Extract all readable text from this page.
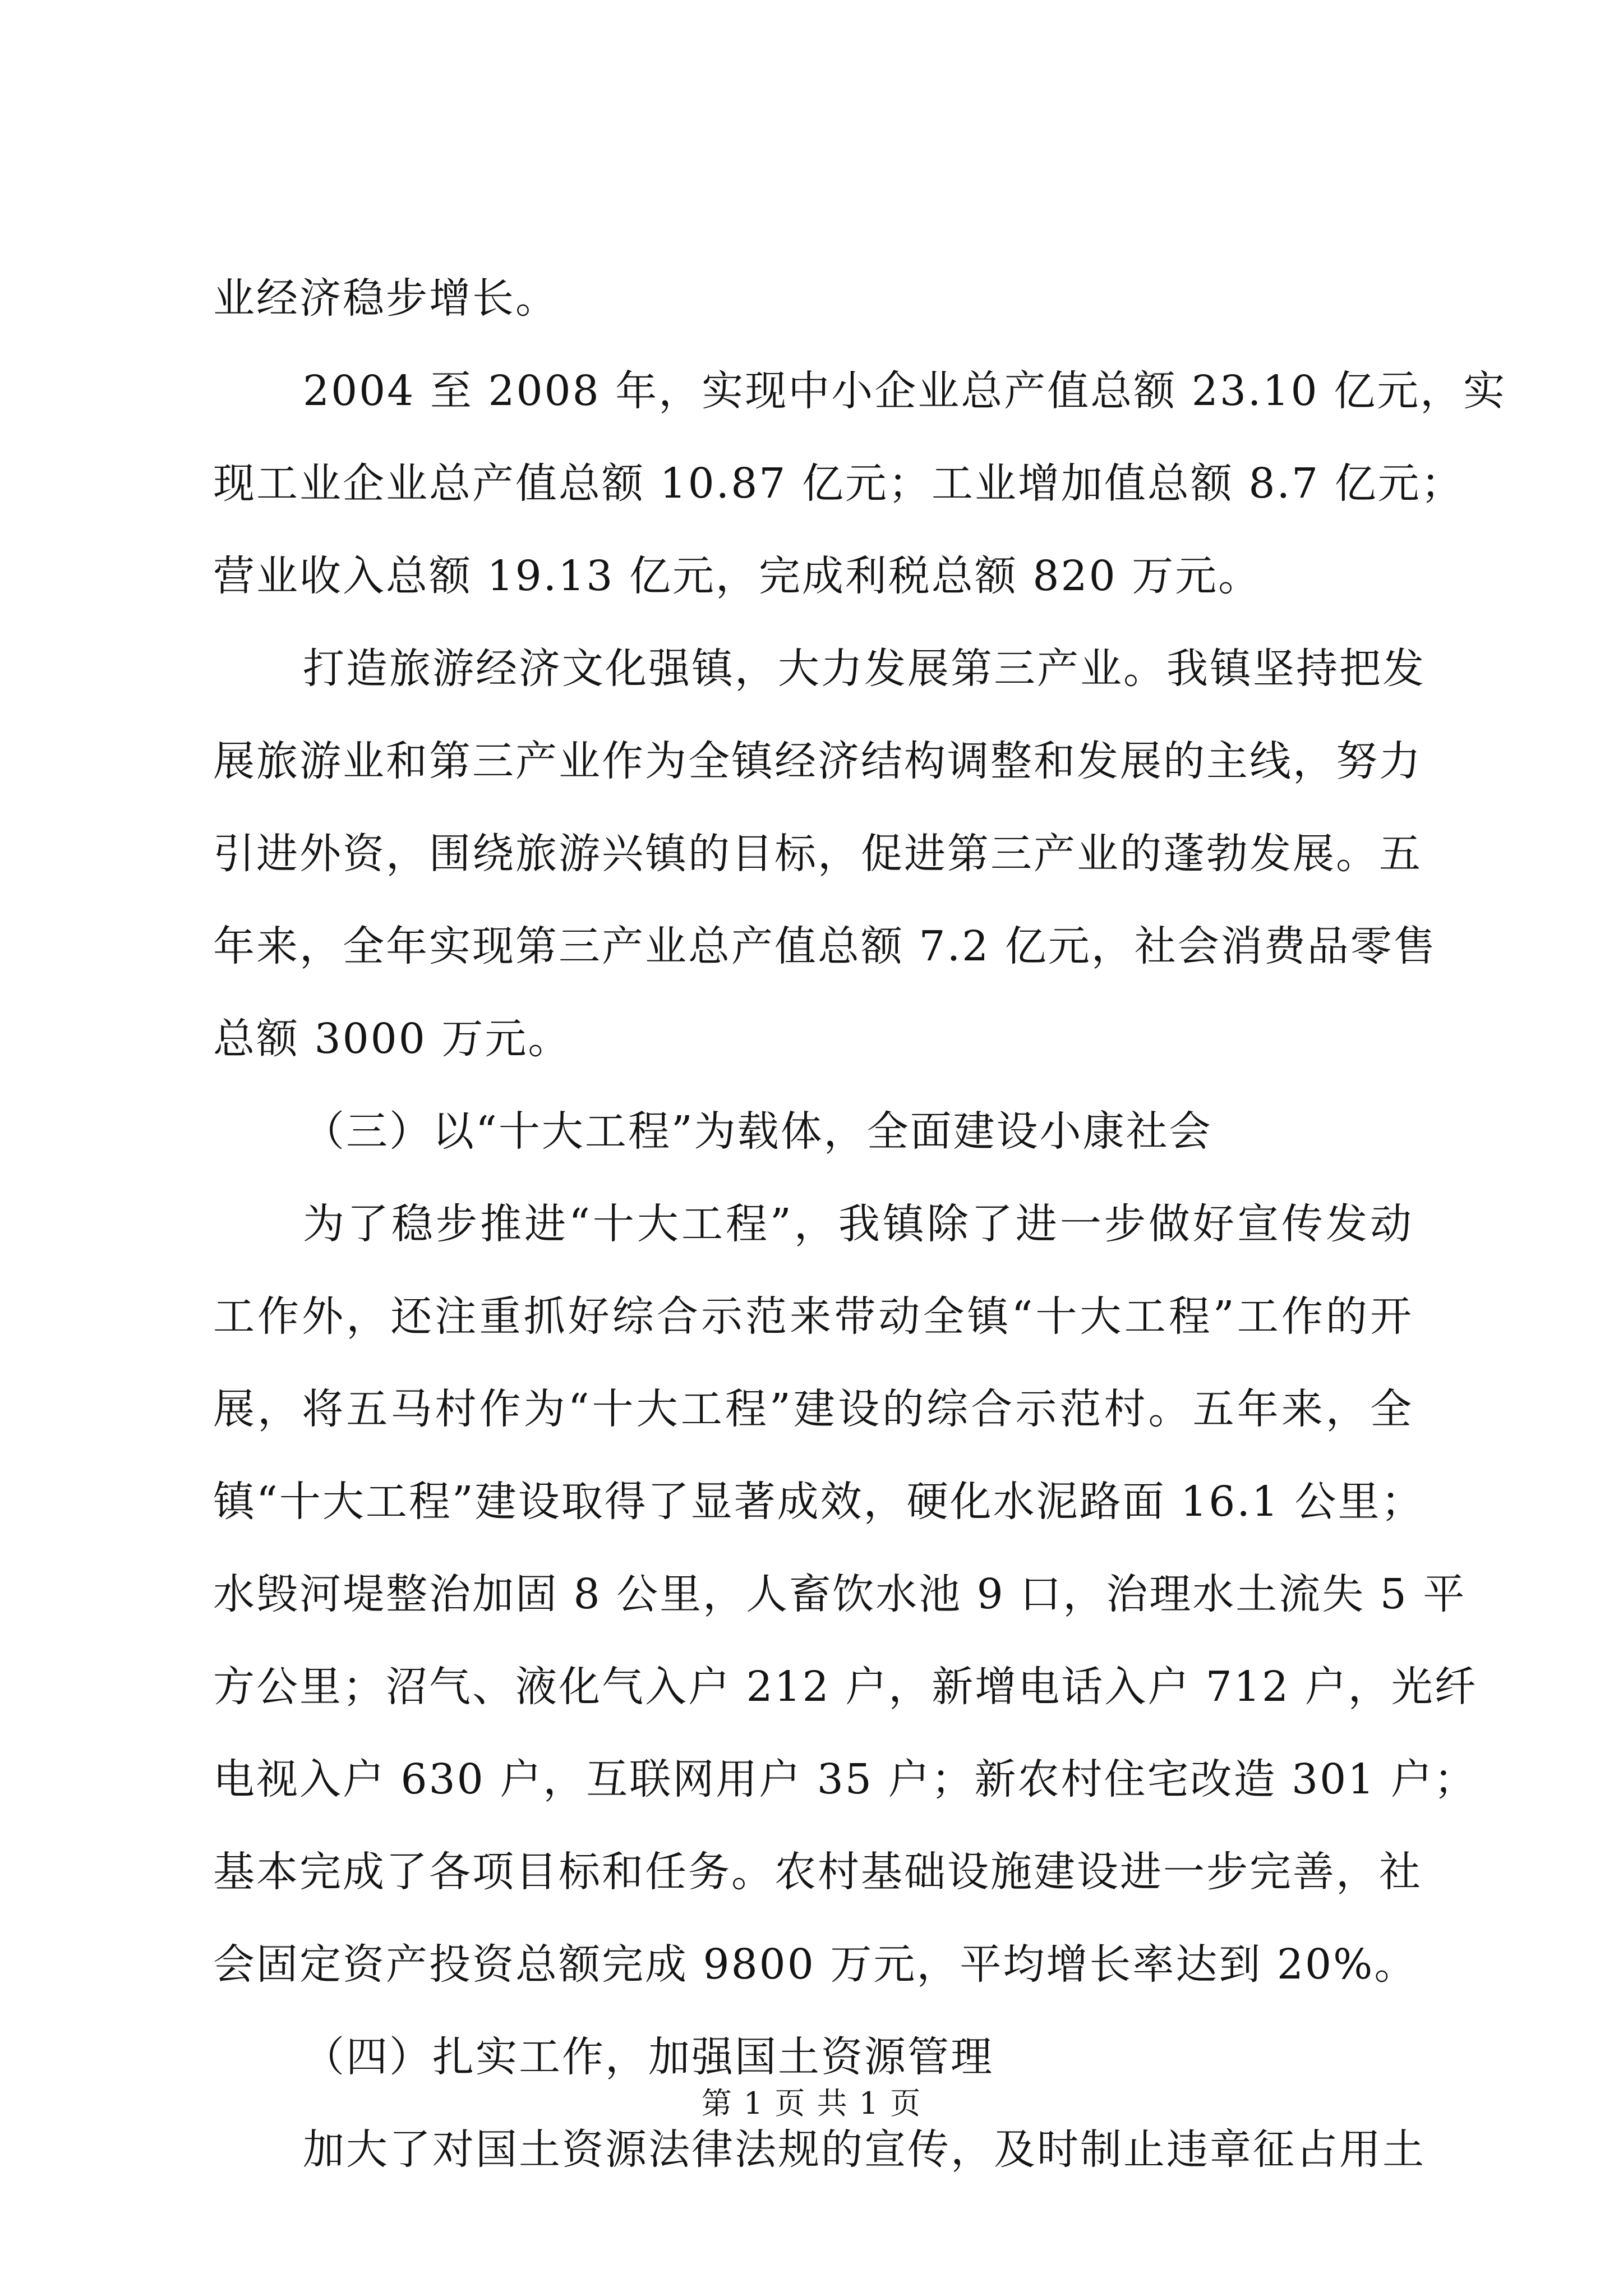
业经济稳步增长。
2004 至 2008 年，实现中小企业总产值总额 23.10 亿元，实
现工业企业总产值总额 10.87 亿元；工业增加值总额 8.7 亿元；
营业收入总额 19.13 亿元，完成利税总额 820 万元。
打造旅游经济文化强镇，大力发展第三产业。我镇坚持把发
展旅游业和第三产业作为全镇经济结构调整和发展的主线，努力
引进外资，围绕旅游兴镇的目标，促进第三产业的蓬勃发展。五
年来，全年实现第三产业总产值总额 7.2 亿元，社会消费品零售
总额 3000 万元。
（三）以“十大工程”为载体，全面建设小康社会
为了稳步推进“十大工程”，我镇除了进一步做好宣传发动
工作外，还注重抓好综合示范来带动全镇“十大工程”工作的开
展，将五马村作为“十大工程”建设的综合示范村。五年来，全
镇“十大工程”建设取得了显著成效，硬化水泥路面 16.1 公里；
水毁河堤整治加固 8 公里，人畜饮水池 9 口，治理水土流失 5 平
方公里；沼气、液化气入户 212 户，新增电话入户 712 户，光纤
电视入户 630 户，互联网用户 35 户；新农村住宅改造 301 户；
基本完成了各项目标和任务。农村基础设施建设进一步完善，社
会固定资产投资总额完成 9800 万元，平均增长率达到 20%。
（四）扎实工作，加强国土资源管理
加大了对国土资源法律法规的宣传，及时制止违章征占用土
第 1 页 共 1 页
